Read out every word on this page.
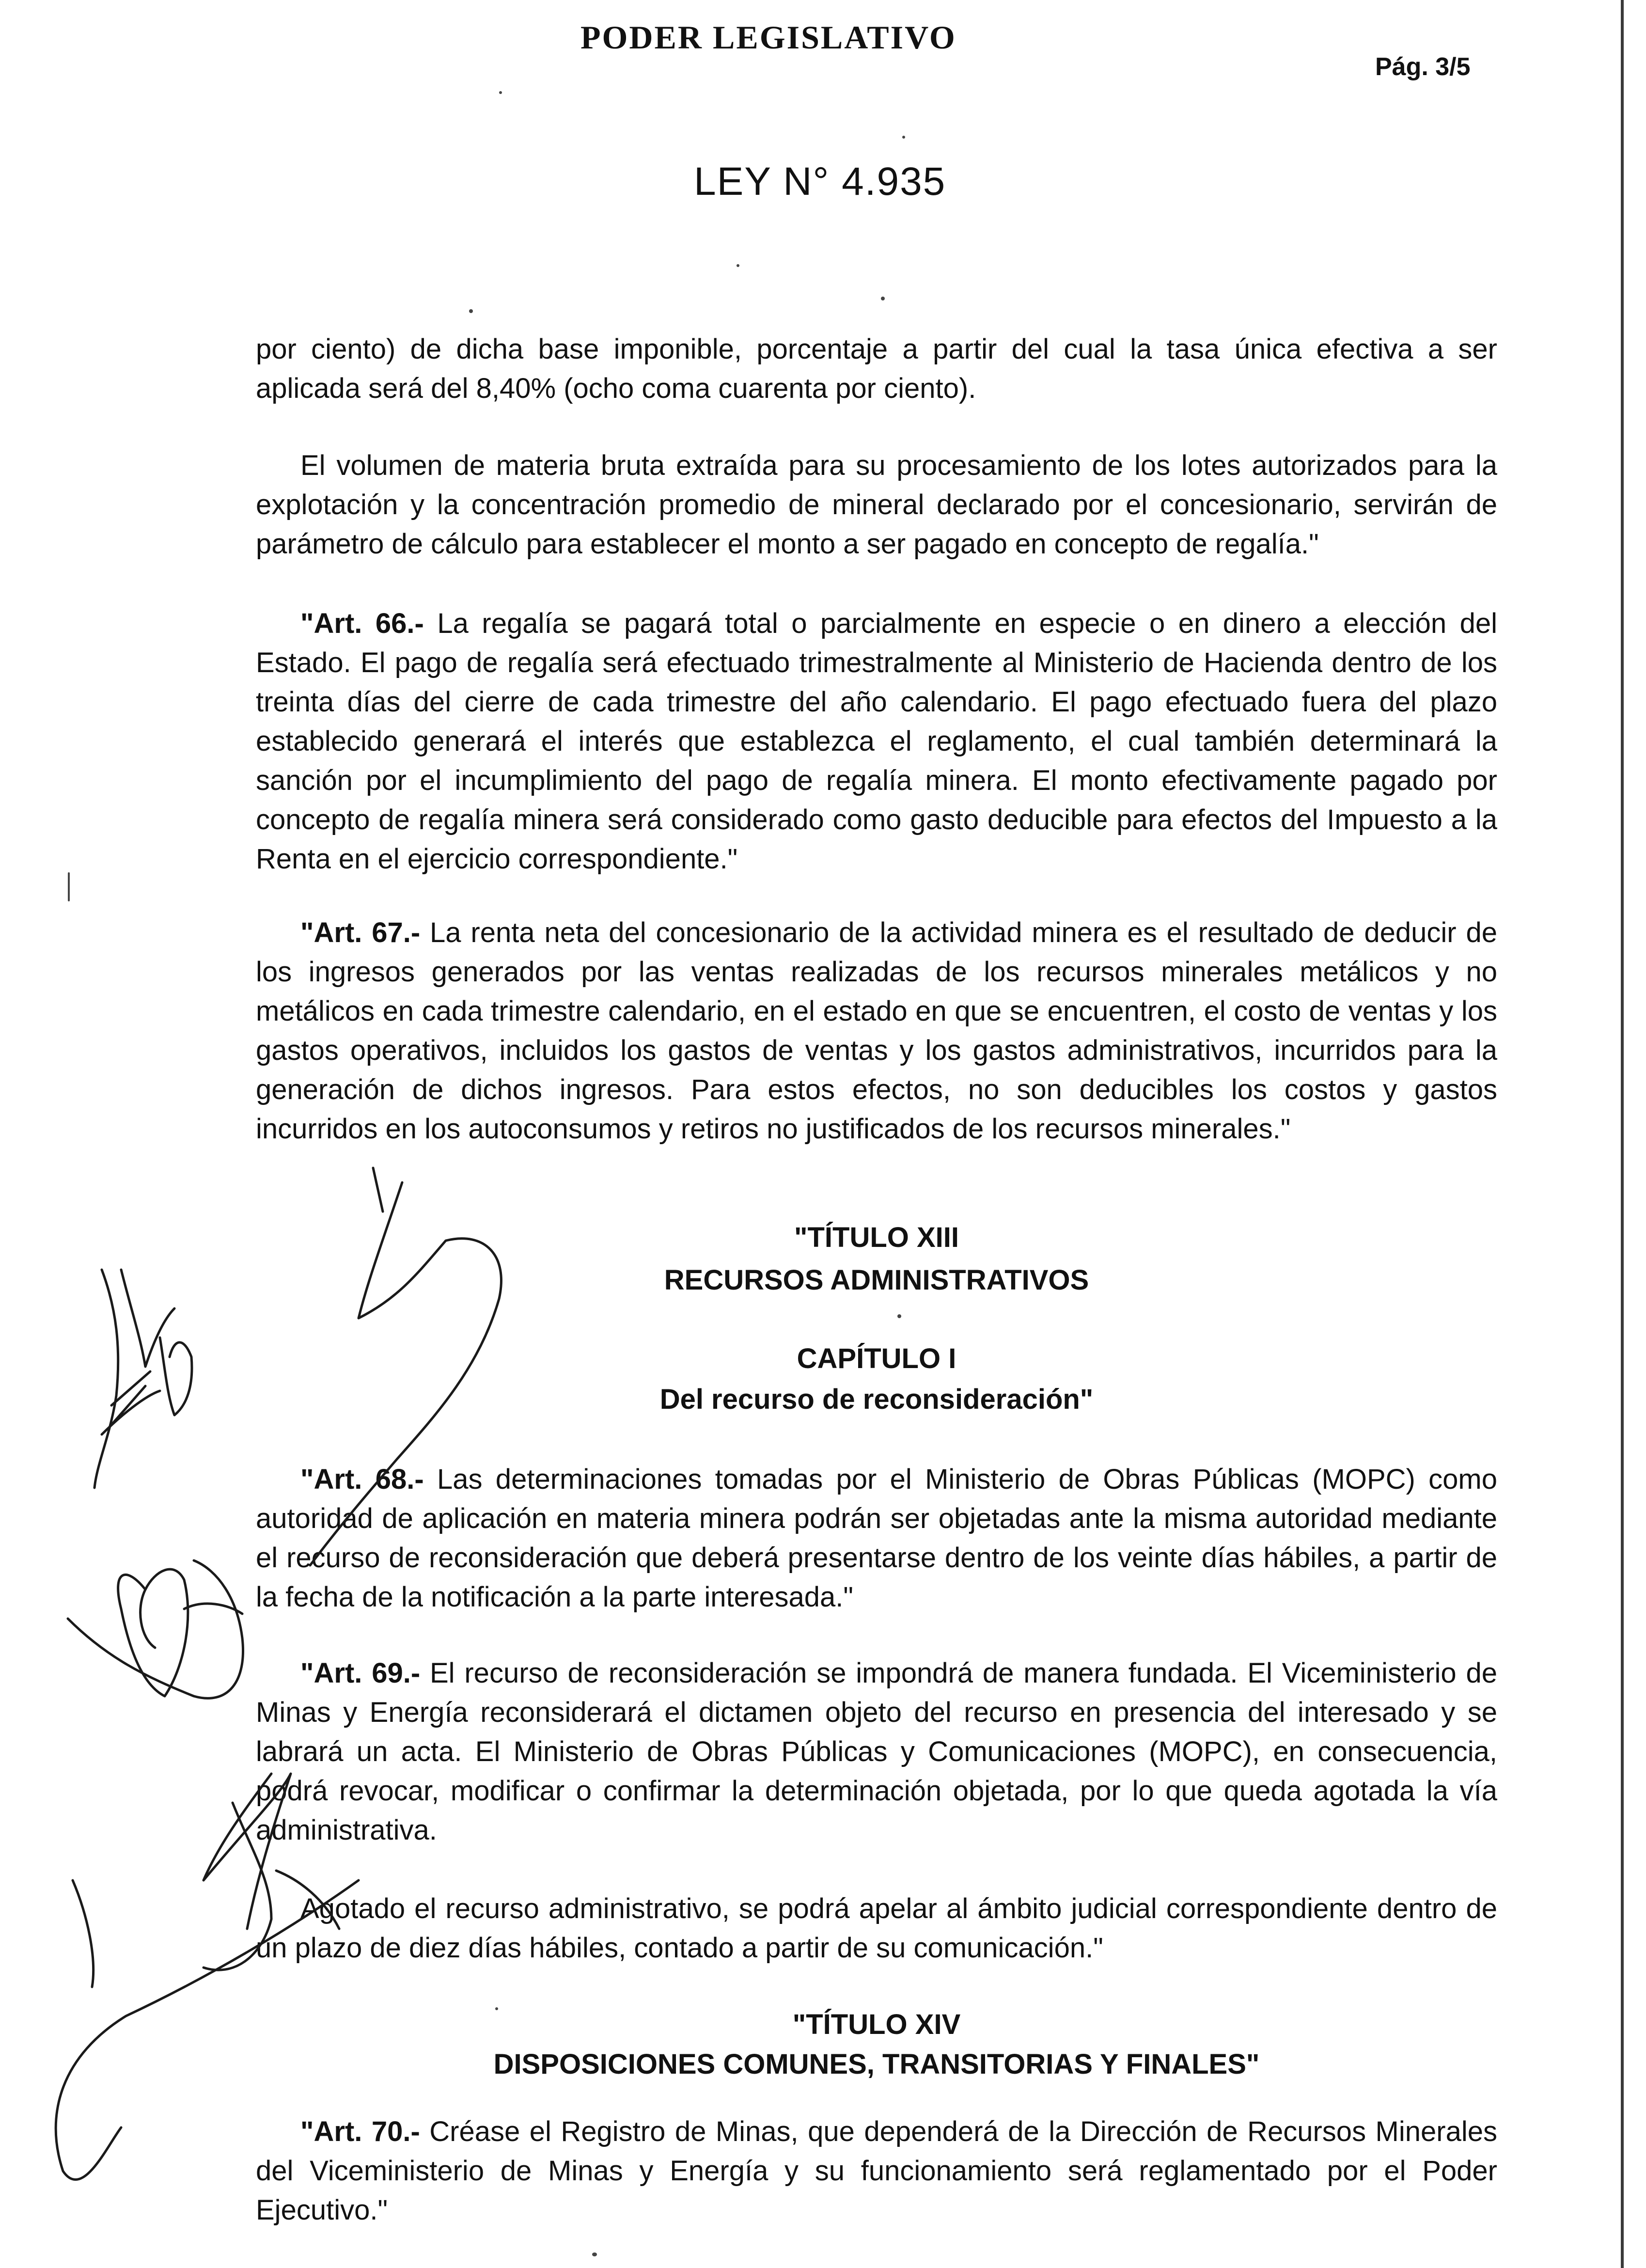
PODER LEGISLATIVO
Pág. 3/5
LEY N° 4.935

por ciento) de dicha base imponible, porcentaje a partir del cual la tasa única efectiva a ser aplicada será del 8,40% (ocho coma cuarenta por ciento).

El volumen de materia bruta extraída para su procesamiento de los lotes autorizados para la explotación y la concentración promedio de mineral declarado por el concesionario, servirán de parámetro de cálculo para establecer el monto a ser pagado en concepto de regalía."

"Art. 66.- La regalía se pagará total o parcialmente en especie o en dinero a elección del Estado. El pago de regalía será efectuado trimestralmente al Ministerio de Hacienda dentro de los treinta días del cierre de cada trimestre del año calendario. El pago efectuado fuera del plazo establecido generará el interés que establezca el reglamento, el cual también determinará la sanción por el incumplimiento del pago de regalía minera. El monto efectivamente pagado por concepto de regalía minera será considerado como gasto deducible para efectos del Impuesto a la Renta en el ejercicio correspondiente."

"Art. 67.- La renta neta del concesionario de la actividad minera es el resultado de deducir de los ingresos generados por las ventas realizadas de los recursos minerales metálicos y no metálicos en cada trimestre calendario, en el estado en que se encuentren, el costo de ventas y los gastos operativos, incluidos los gastos de ventas y los gastos administrativos, incurridos para la generación de dichos ingresos. Para estos efectos, no son deducibles los costos y gastos incurridos en los autoconsumos y retiros no justificados de los recursos minerales."

"TÍTULO XIII
RECURSOS ADMINISTRATIVOS
CAPÍTULO I
Del recurso de reconsideración"

"Art. 68.- Las determinaciones tomadas por el Ministerio de Obras Públicas (MOPC) como autoridad de aplicación en materia minera podrán ser objetadas ante la misma autoridad mediante el recurso de reconsideración que deberá presentarse dentro de los veinte días hábiles, a partir de la fecha de la notificación a la parte interesada."

"Art. 69.- El recurso de reconsideración se impondrá de manera fundada. El Viceministerio de Minas y Energía reconsiderará el dictamen objeto del recurso en presencia del interesado y se labrará un acta. El Ministerio de Obras Públicas y Comunicaciones (MOPC), en consecuencia, podrá revocar, modificar o confirmar la determinación objetada, por lo que queda agotada la vía administrativa.

Agotado el recurso administrativo, se podrá apelar al ámbito judicial correspondiente dentro de un plazo de diez días hábiles, contado a partir de su comunicación."

"TÍTULO XIV
DISPOSICIONES COMUNES, TRANSITORIAS Y FINALES"

"Art. 70.- Créase el Registro de Minas, que dependerá de la Dirección de Recursos Minerales del Viceministerio de Minas y Energía y su funcionamiento será reglamentado por el Poder Ejecutivo."
